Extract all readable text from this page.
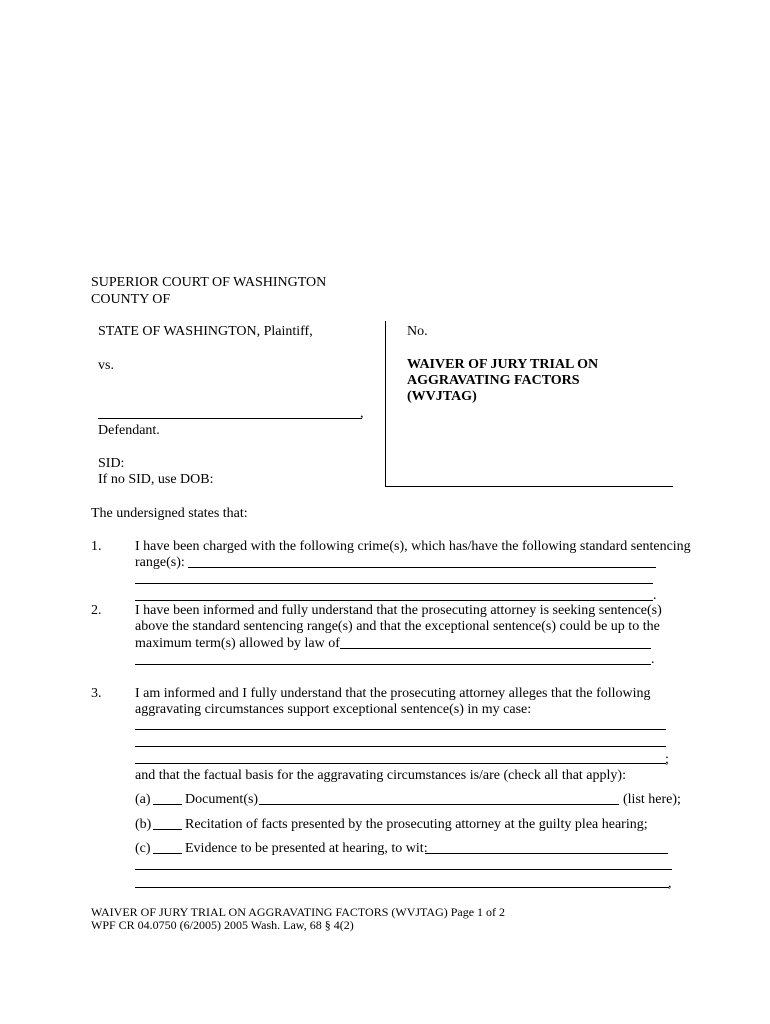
SUPERIOR COURT OF WASHINGTON
COUNTY OF
STATE OF WASHINGTON, Plaintiff,
vs.
,
Defendant.
SID:
If no SID, use DOB:
No.
WAIVER OF JURY TRIAL ON
AGGRAVATING FACTORS
(WVJTAG)
The undersigned states that:
1. I have been charged with the following crime(s), which has/have the following standard sentencing
range(s):
.
2. I have been informed and fully understand that the prosecuting attorney is seeking sentence(s)
above the standard sentencing range(s) and that the exceptional sentence(s) could be up to the
maximum term(s) allowed by law of
.
3. I am informed and I fully understand that the prosecuting attorney alleges that the following
aggravating circumstances support exceptional sentence(s) in my case:
;
and that the factual basis for the aggravating circumstances is/are (check all that apply):
(a) Document(s)	(list here);
(b) Recitation of facts presented by the prosecuting attorney at the guilty plea hearing;
(c) Evidence to be presented at hearing, to wit:
,
WAIVER OF JURY TRIAL ON AGGRAVATING FACTORS (WVJTAG) Page 1 of 2
WPF CR 04.0750 (6/2005) 2005 Wash. Law, 68 § 4(2)
